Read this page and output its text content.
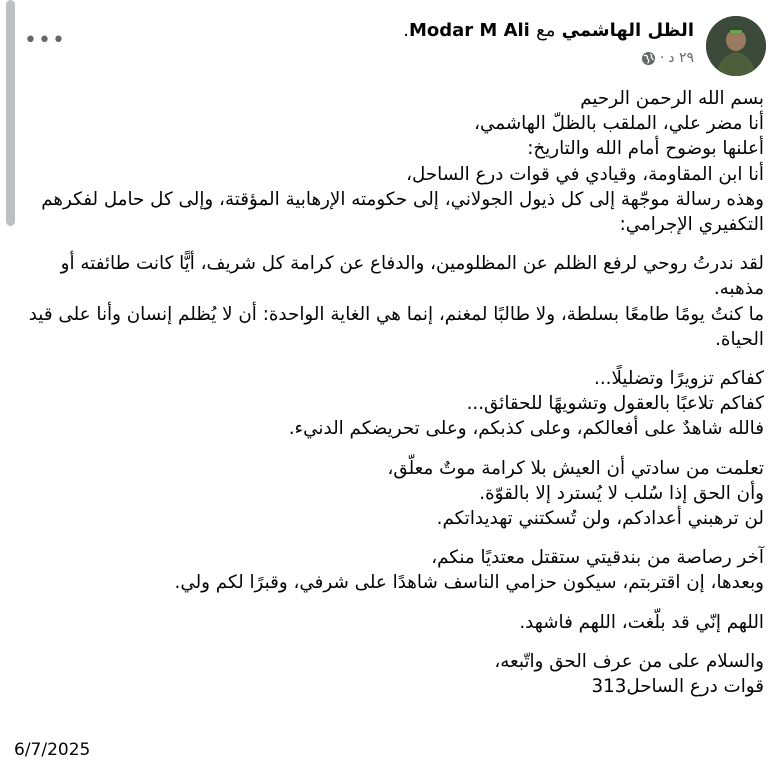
•••	الظل الهاشمي مع Modar M Ali.
٢٩ د
·

بسم الله الرحمن الرحيم
أنا مضر علي، الملقب بالظلّ الهاشمي،
أعلنها بوضوح أمام الله والتاريخ:
أنا ابن المقاومة، وقيادي في قوات درع الساحل،
وهذه رسالة موجّهة إلى كل ذيول الجولاني، إلى حكومته الإرهابية المؤقتة، وإلى كل حامل لفكرهم التكفيري الإجرامي:

لقد ندرتُ روحي لرفع الظلم عن المظلومين، والدفاع عن كرامة كل شريف، أيًّا كانت طائفته أو مذهبه.
ما كنتُ يومًا طامعًا بسلطة، ولا طالبًا لمغنم، إنما هي الغاية الواحدة: أن لا يُظلم إنسان وأنا على قيد الحياة.

كفاكم تزويرًا وتضليلًا...
كفاكم تلاعبًا بالعقول وتشويهًا للحقائق...
فالله شاهدٌ على أفعالكم، وعلى كذبكم، وعلى تحريضكم الدنيء.

تعلمت من سادتي أن العيش بلا كرامة موتٌ معلّق،
وأن الحق إذا سُلب لا يُسترد إلا بالقوّة.
لن ترهبني أعدادكم، ولن تُسكتني تهديداتكم.

آخر رصاصة من بندقيتي ستقتل معتديًا منكم،
وبعدها، إن اقتربتم، سيكون حزامي الناسف شاهدًا على شرفي، وقبرًا لكم ولي.

اللهم إنّي قد بلّغت، اللهم فاشهد.

والسلام على من عرف الحق واتّبعه،
قوات درع الساحل313

6/7/2025
